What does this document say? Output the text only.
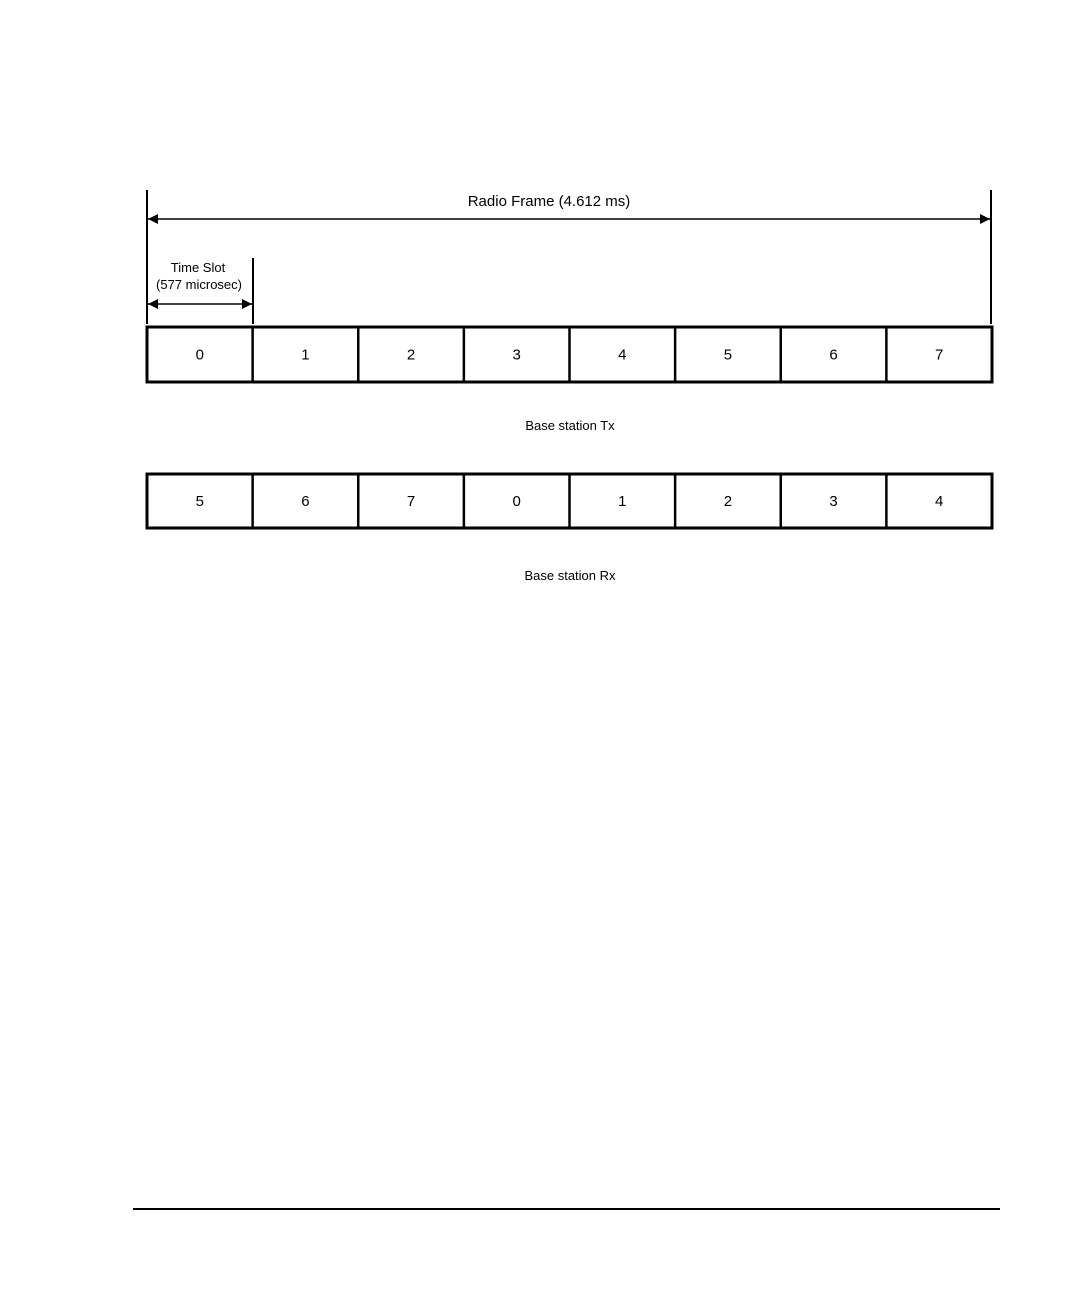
Radio Frame (4.612 ms)
Time Slot
(577 microsec)
0	1	2	3	4	5	6	7
Base station Tx
5	6	7	0	1	2	3	4
Base station Rx
